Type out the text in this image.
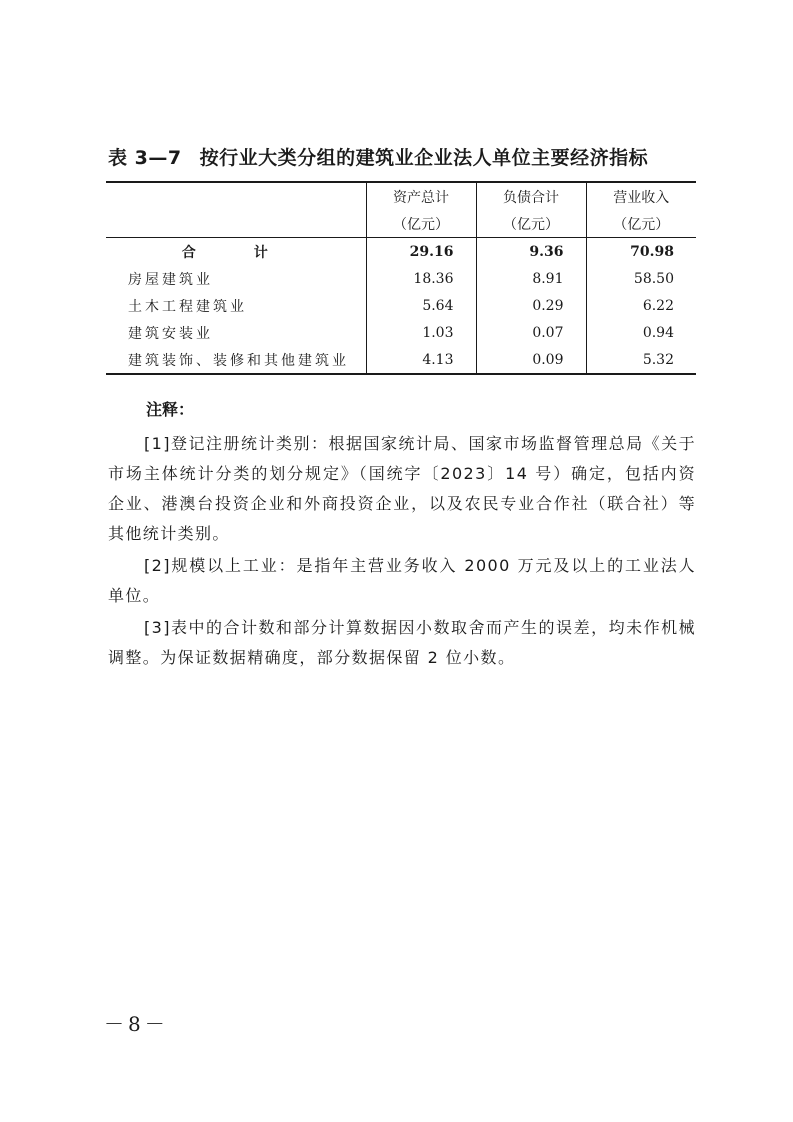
表 3—7 按行业大类分组的建筑业企业法人单位主要经济指标
	资产总计	负债合计	营业收入
	（亿元）	（亿元）	（亿元）
合　计	29.16	9.36	70.98
房屋建筑业	18.36	8.91	58.50
土木工程建筑业	5.64	0.29	6.22
建筑安装业	1.03	0.07	0.94
建筑装饰、装修和其他建筑业	4.13	0.09	5.32
注释：

[1]登记注册统计类别：根据国家统计局、国家市场监督管理总局《关于市场主体统计分类的划分规定》（国统字〔2023〕14 号）确定，包括内资企业、港澳台投资企业和外商投资企业，以及农民专业合作社（联合社）等其他统计类别。

[2]规模以上工业：是指年主营业务收入 2000 万元及以上的工业法人单位。

[3]表中的合计数和部分计算数据因小数取舍而产生的误差，均未作机械调整。为保证数据精确度，部分数据保留 2 位小数。

－8－
